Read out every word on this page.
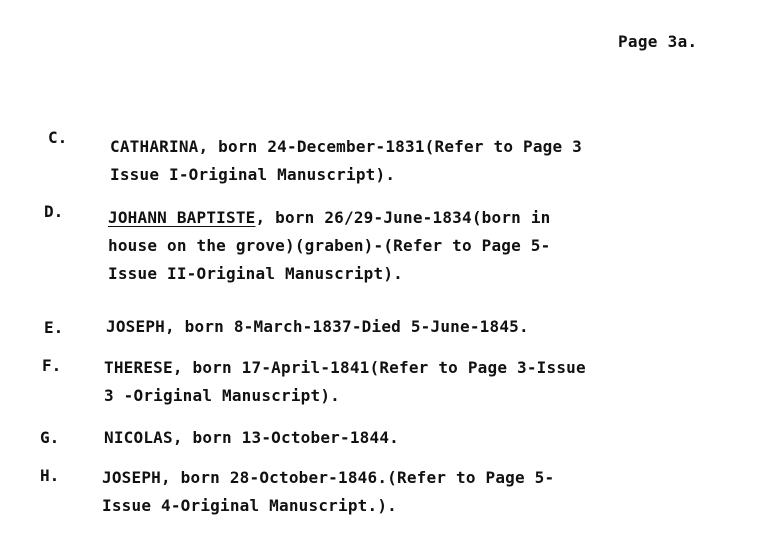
Page 3a.
C.	CATHARINA, born 24-December-1831(Refer to Page 3
Issue I-Original Manuscript).
D.	JOHANN BAPTISTE, born 26/29-June-1834(born in
house on the grove)(graben)-(Refer to Page 5-
Issue II-Original Manuscript).
E.	JOSEPH, born 8-March-1837-Died 5-June-1845.
F.	THERESE, born 17-April-1841(Refer to Page 3-Issue
3 -Original Manuscript).
G.	NICOLAS, born 13-October-1844.
H.	JOSEPH, born 28-October-1846.(Refer to Page 5-
Issue 4-Original Manuscript.).
